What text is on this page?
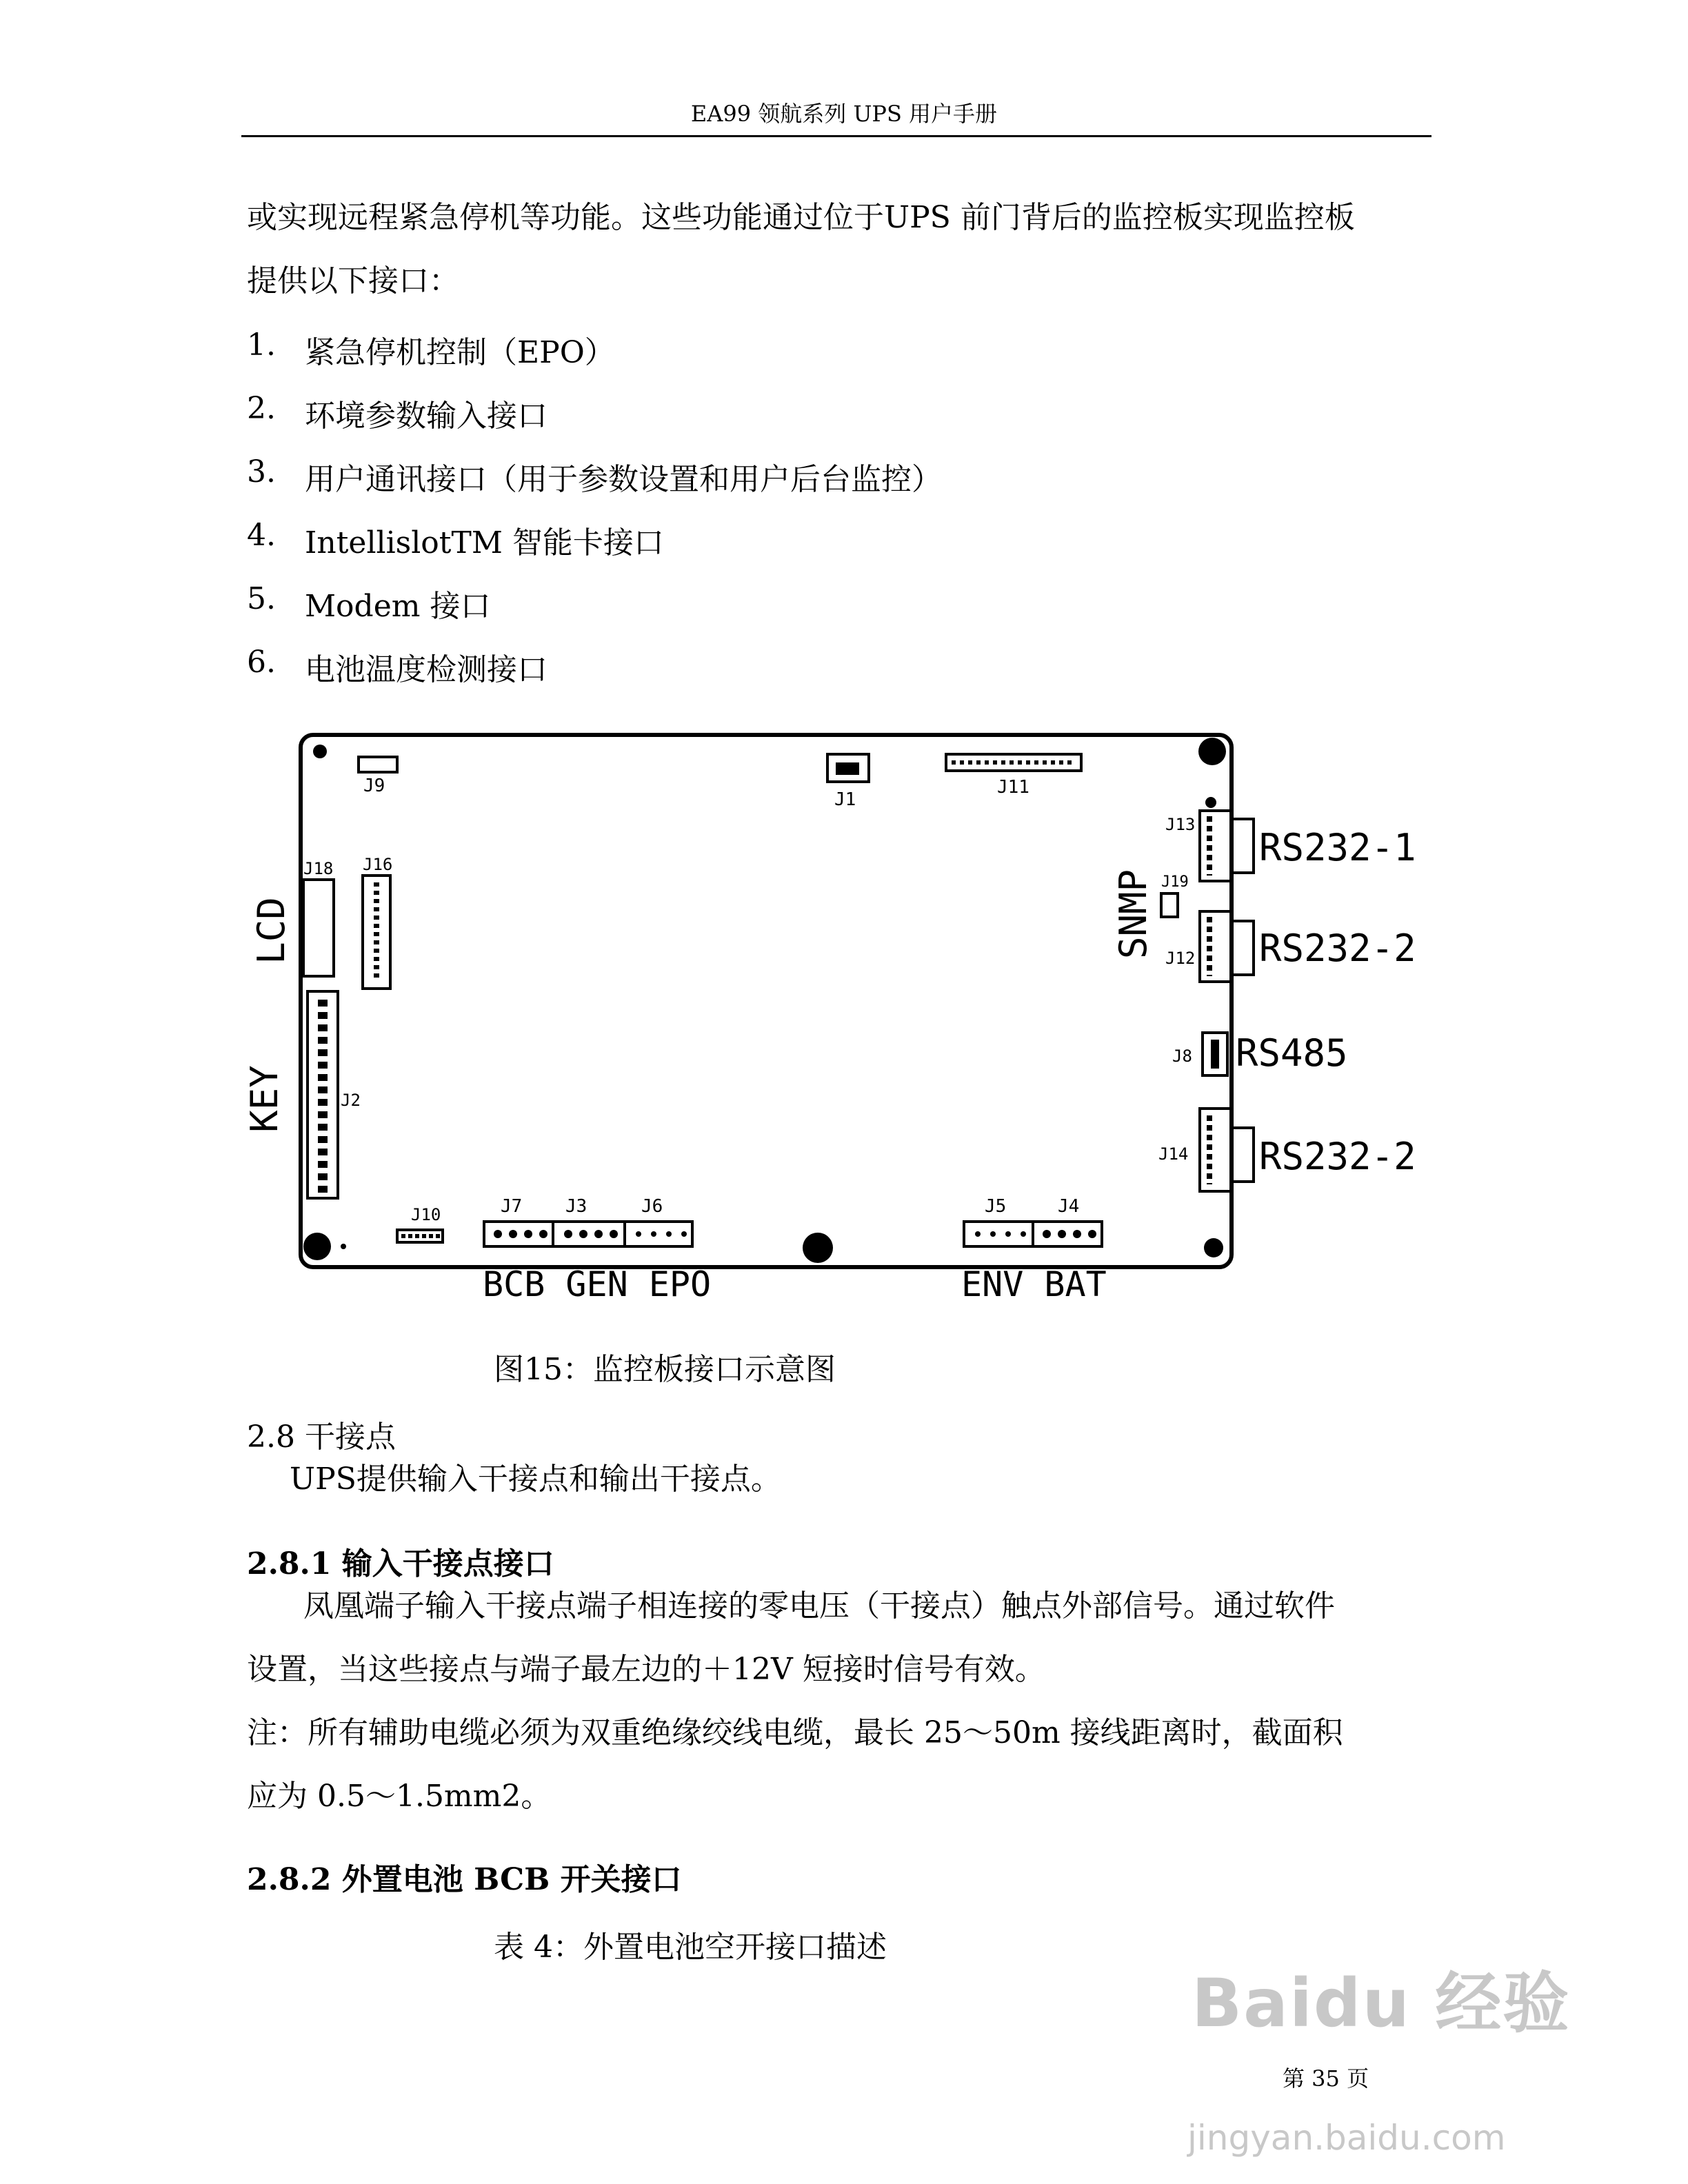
EA99 领航系列 UPS 用户手册
或实现远程紧急停机等功能。这些功能通过位于UPS 前门背后的监控板实现监控板
提供以下接口：
1. 紧急停机控制（EPO）
2. 环境参数输入接口
3. 用户通讯接口（用于参数设置和用户后台监控）
4. IntellislotTM 智能卡接口
5. Modem 接口
6. 电池温度检测接口
J9
J1
J11
J18 J16
LCD
J2
KEY
J10	J7 J3	J6
BCB GEN EPO
J5	J4
ENV BAT
J13
RS232-1
SNMP J19
J12 RS232-2
J8 RS485
J14 RS232-2
图15：监控板接口示意图
2.8 干接点
UPS提供输入干接点和输出干接点。
2.8.1 输入干接点接口
凤凰端子输入干接点端子相连接的零电压（干接点）触点外部信号。通过软件
设置，当这些接点与端子最左边的＋12V 短接时信号有效。
注：所有辅助电缆必须为双重绝缘绞线电缆，最长 25～50m 接线距离时，截面积
应为 0.5～1.5mm2。
2.8.2 外置电池 BCB 开关接口
表 4：外置电池空开接口描述
Baidu 经验
jingyan.baidu.com
第 35 页
